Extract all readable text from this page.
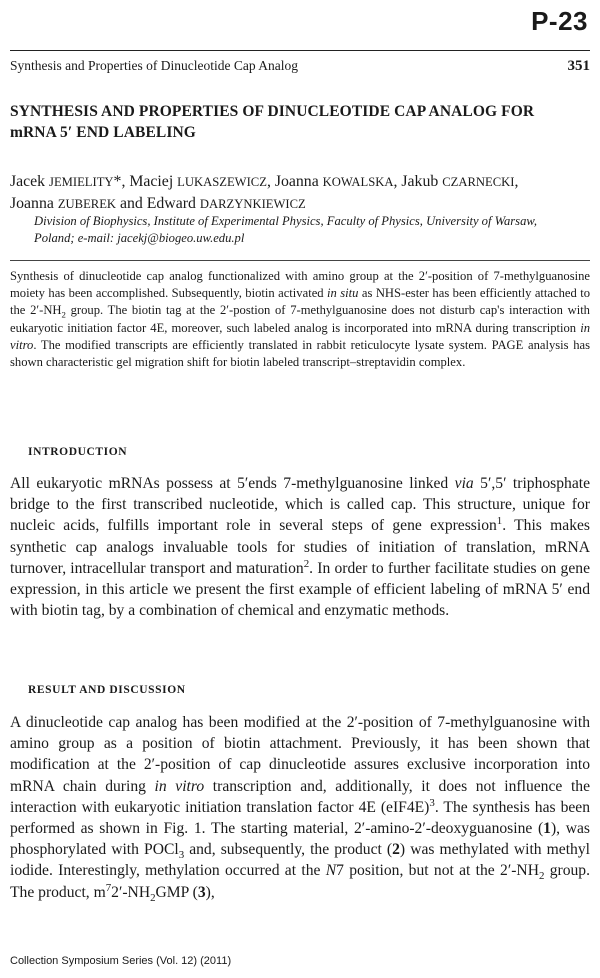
P-23
Synthesis and Properties of Dinucleotide Cap Analog	351
SYNTHESIS AND PROPERTIES OF DINUCLEOTIDE CAP ANALOG FOR
mRNA 5′ END LABELING
Jacek JEMIELITY*, Maciej LUKASZEWICZ, Joanna KOWALSKA, Jakub CZARNECKI,
Joanna ZUBEREK and Edward DARZYNKIEWICZ
Division of Biophysics, Institute of Experimental Physics, Faculty of Physics, University of Warsaw,
Poland; e-mail: jacekj@biogeo.uw.edu.pl
Synthesis of dinucleotide cap analog functionalized with amino group at the 2′-position of 7-methylguanosine moiety has been accomplished. Subsequently, biotin activated in situ as NHS-ester has been efficiently attached to the $2'-NH_2$ group. The biotin tag at the 2′-postion of 7-methylguanosine does not disturb cap's interaction with eukaryotic initiation factor 4E, moreover, such labeled analog is incorporated into mRNA during transcription in vitro. The modified transcripts are efficiently translated in rabbit reticulocyte lysate system. PAGE analysis has shown characteristic gel migration shift for biotin labeled transcript–streptavidin complex.
INTRODUCTION
All eukaryotic mRNAs possess at 5′ends 7-methylguanosine linked via 5′,5′ triphosphate bridge to the first transcribed nucleotide, which is called cap. This structure, unique for nucleic acids, fulfills important role in several steps of gene expression$^1$. This makes synthetic cap analogs invaluable tools for studies of initiation of translation, mRNA turnover, intracellular transport and maturation$^2$. In order to further facilitate studies on gene expression, in this article we present the first example of efficient labeling of mRNA 5′ end with biotin tag, by a combination of chemical and enzymatic methods.
RESULT AND DISCUSSION
A dinucleotide cap analog has been modified at the 2′-position of 7-methylguanosine with amino group as a position of biotin attachment. Previously, it has been shown that modification at the 2′-position of cap dinucleotide assures exclusive incorporation into mRNA chain during in vitro transcription and, additionally, it does not influence the interaction with eukaryotic initiation translation factor 4E $(eIF4E)^3$. The synthesis has been performed as shown in Fig. 1. The starting material, 2′-amino-2′-deoxyguanosine (1), was phosphorylated with POCl$_3$ and, subsequently, the product (2) was methylated with methyl iodide. Interestingly, methylation occurred at the N7 position, but not at the $2'-NH_2$ group. The product, $m^72'-NH_2GMP$ (3),
Collection Symposium Series (Vol. 12) (2011)
